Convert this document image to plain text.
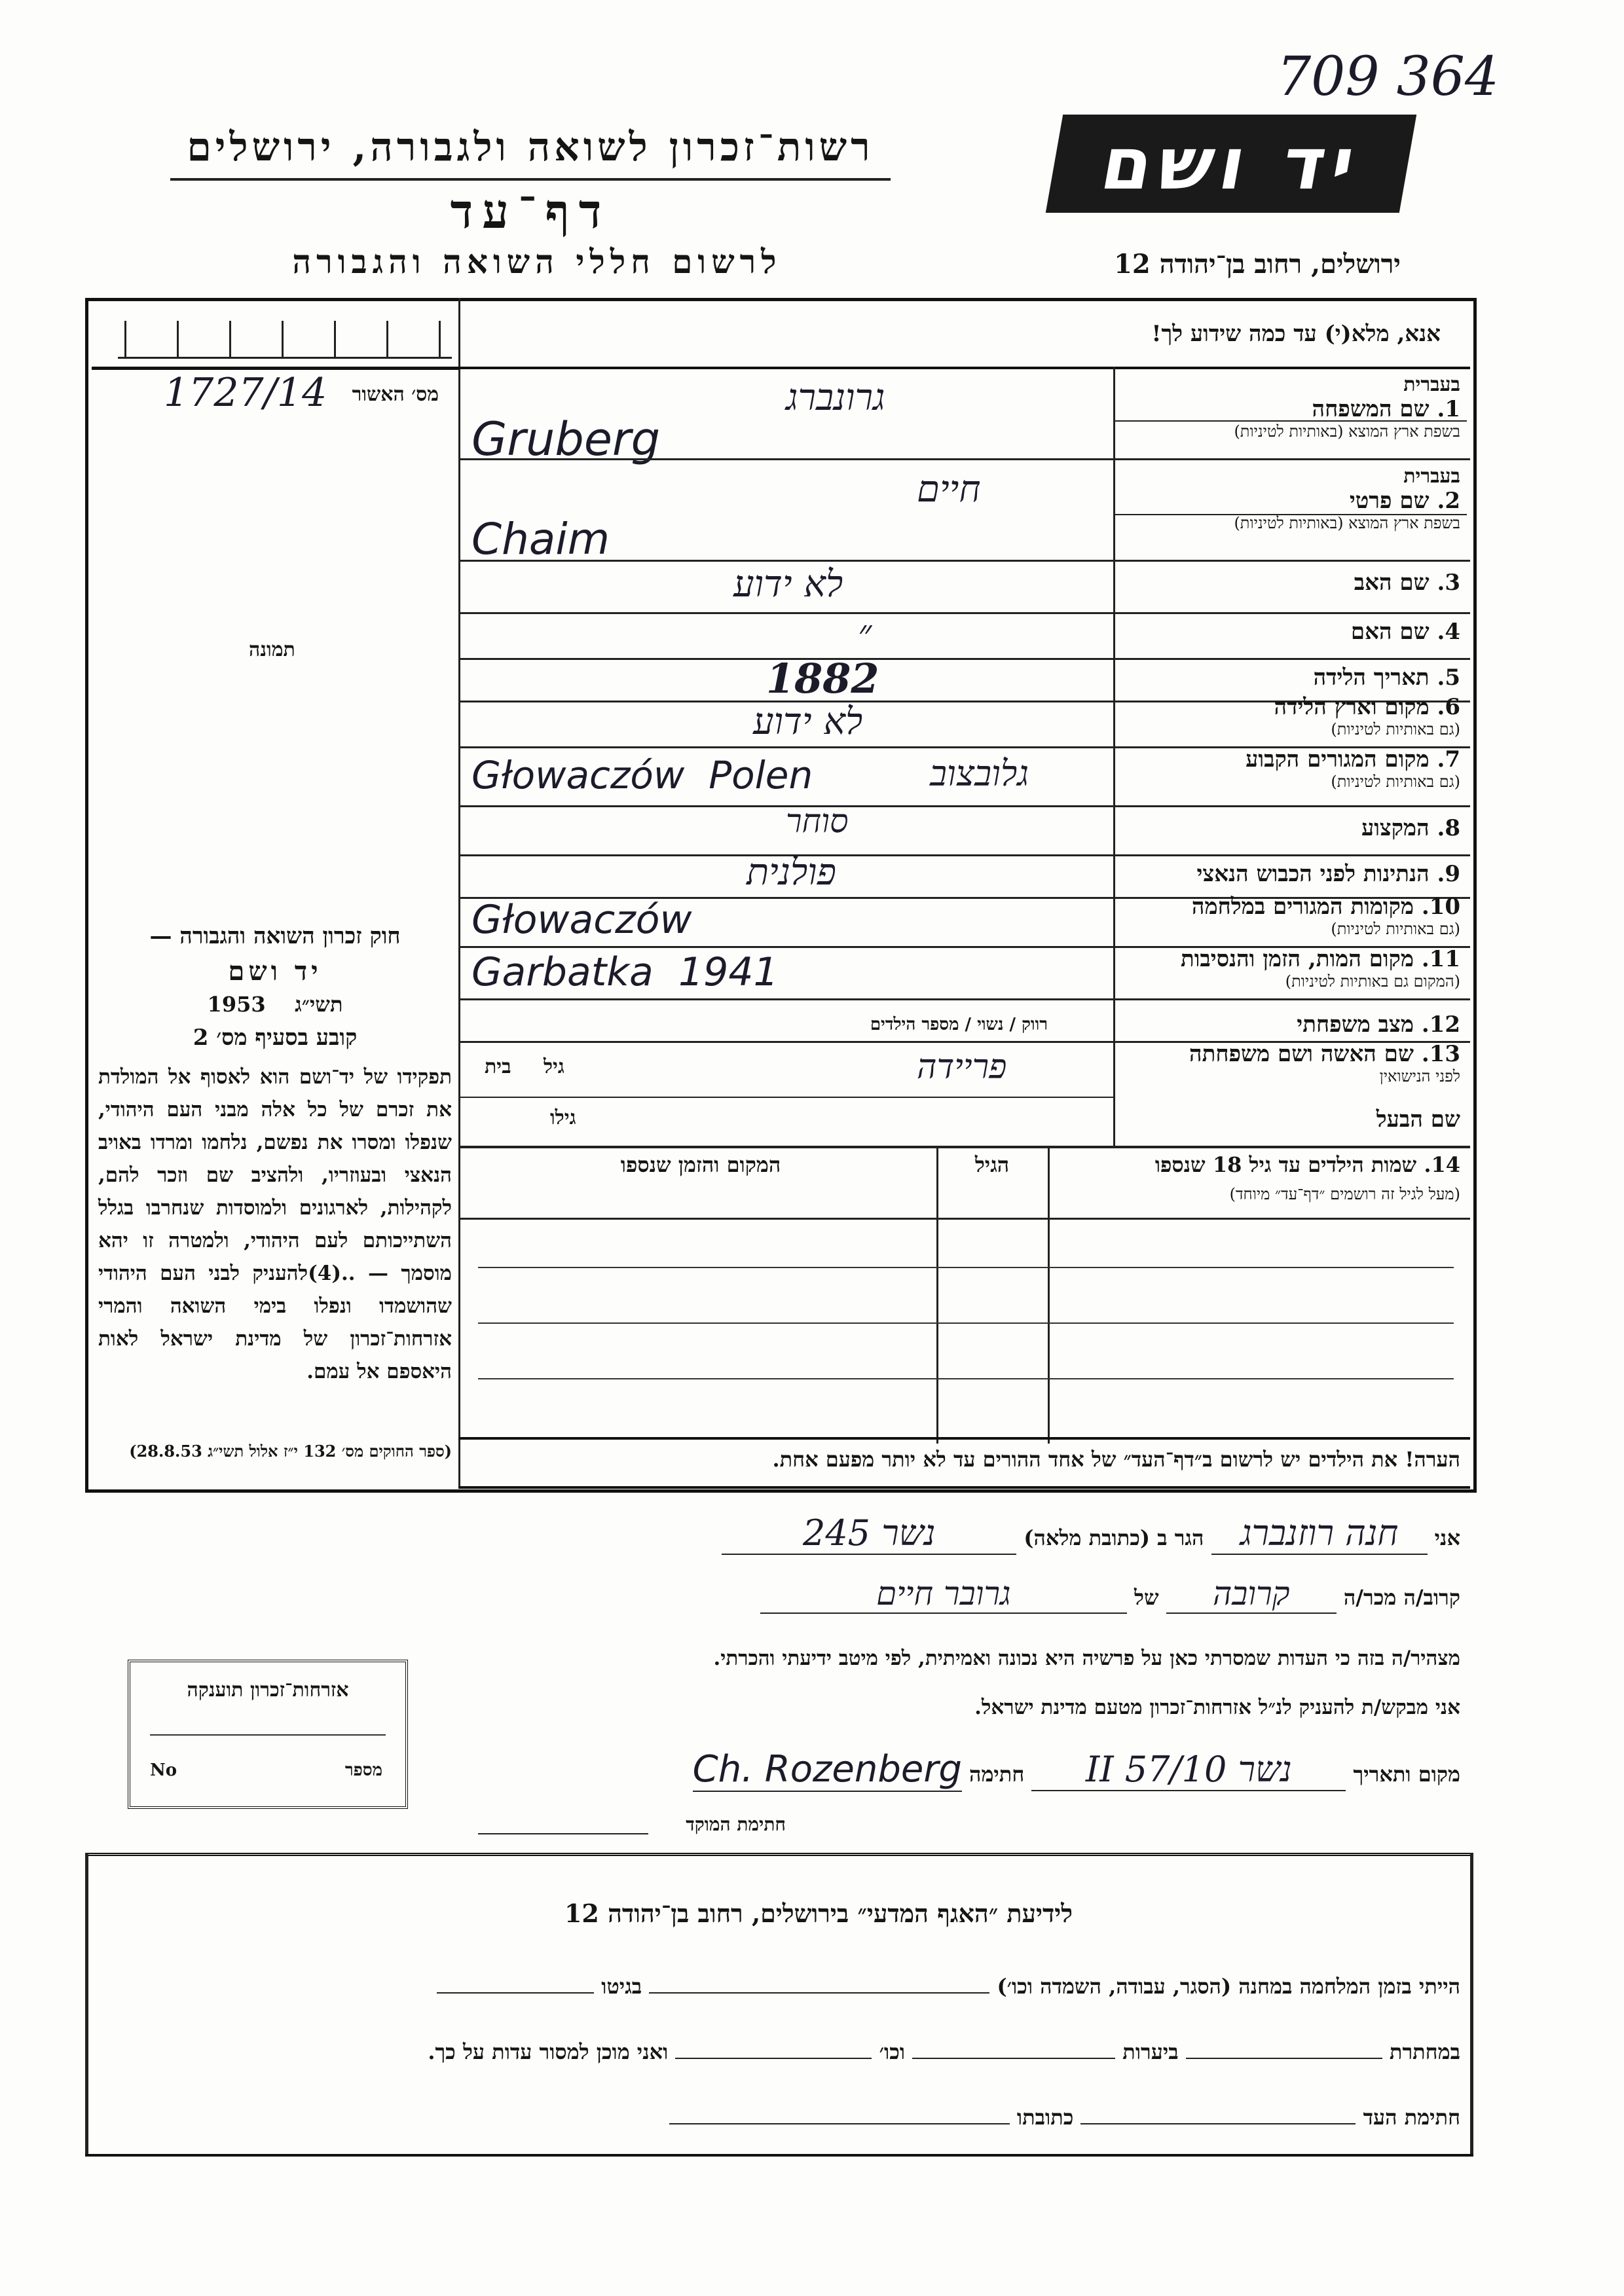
709 364
רשות־זכרון לשואה ולגבורה, ירושלים
דף־עד
לרשום חללי השואה והגבורה
יד ושם
ירושלים, רחוב בן־יהודה 12
מס׳ האשור
1727/14
תמונה
חוק זכרון השואה והגבורה —
יד ושם
תשי״ג    1953
קובע בסעיף מס׳ 2
תפקידו של יד־ושם הוא לאסוף אל המולדת את זכרם של כל אלה מבני העם היהודי, שנפלו ומסרו את נפשם, נלחמו ומרדו באויב הנאצי ובעוזריו, ולהציב שם וזכר להם, לקהילות, לארגונים ולמוסדות שנחרבו בגלל השתייכותם לעם היהודי, ולמטרה זו יהא מוסמך — ..(4)להעניק לבני העם היהודי שהושמדו ונפלו בימי השואה והמרי אזרחות־זכרון של מדינת ישראל לאות היאספם אל עמם.
(ספר החוקים מס׳ 132 י״ז אלול תשי״ג 28.8.53)
אנא, מלא(י) עד כמה שידוע לך!
בעברית
1. שם המשפחה
בשפת ארץ המוצא (באותיות לטיניות)
גרונברג
Gruberg
בעברית
2. שם פרטי
בשפת ארץ המוצא (באותיות לטיניות)
חיים
Chaim
3. שם האב
לא ידוע
4. שם האם
״
5. תאריך הלידה
1882
6. מקום וארץ הלידה
(גם באותיות לטיניות)
לא ידוע
7. מקום המגורים הקבוע
(גם באותיות לטיניות)
Głowaczów  Polen	גלובצוב
8. המקצוע
סוחר
9. הנתינות לפני הכבוש הנאצי
פולנית
10. מקומות המגורים במלחמה
(גם באותיות לטיניות)
Głowaczów
11. מקום המות, הזמן והנסיבות
(המקום גם באותיות לטיניות)
Garbatka  1941
12. מצב משפחתי
רווק / נשוי / מספר הילדים
13. שם האשה ושם משפחתה
לפני הנישואין
פריידה
גיל
בית
שם הבעל
גילו
14. שמות הילדים עד גיל 18 שנספו
(מעל לגיל זה רושמים ״דף־עד״ מיוחד)
הגיל
המקום והזמן שנספו
הערה! את הילדים יש לרשום ב״דף־העד״ של אחד ההורים עד לא יותר מפעם אחת.
אני חנה רוזנברג הגר ב (כתובת מלאה) נשר 245
קרוב/ה מכר/ה קרובה של גרובר חיים
מצהיר/ה בזה כי העדות שמסרתי כאן על פרשיה היא נכונה ואמיתית, לפי מיטב ידיעתי והכרתי.
אני מבקש/ת להעניק לנ״ל אזרחות־זכרון מטעם מדינת ישראל.
מקום ותאריך נשר 10/II 57 חתימה Ch. Rozenberg
חתימת המוקד
אזרחות־זכרון תוענקה
מספר
No
לידיעת ״האגף המדעי״ בירושלים, רחוב בן־יהודה 12
הייתי בזמן המלחמה במחנה (הסגר, עבודה, השמדה וכו׳)  בגיטו
במחתרת  ביערות  וכו׳  ואני מוכן למסור עדות על כך.
חתימת העד  כתובתו
